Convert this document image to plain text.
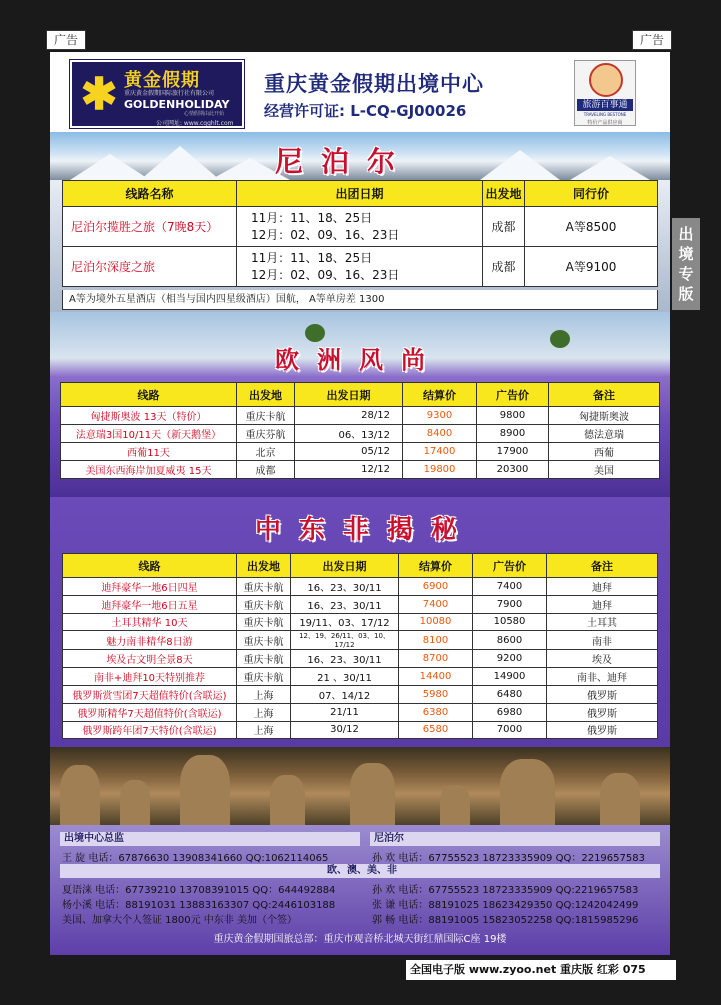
广告	广告
✱ 黄金假期
重庆黄金假期国际旅行社有限公司
GOLDENHOLIDAY
心情假期由此开始
公司网址: www.cqghlt.com
重庆黄金假期出境中心
经营许可证: L-CQ-GJ00026	旅游百事通
TRAVELING BESTONE
特价产品供应商
尼泊尔
线路名称	出团日期	出发地	同行价
尼泊尔揽胜之旅（7晚8天）	11月：11、18、25日
12月：02、09、16、23日	成都	A等8500
尼泊尔深度之旅	11月：11、18、25日
12月：02、09、16、23日	成都	A等9100
A等为境外五星酒店（相当与国内四星级酒店）国航， A等单房差 1300
欧洲风尚
线路	出发地	出发日期	结算价	广告价	备注
匈捷斯奥波 13天（特价）	重庆卡航	28/12	9300	9800	匈捷斯奥波
法意瑞3国10/11天（新天鹅堡）	重庆芬航	06、13/12	8400	8900	德法意瑞
西葡11天	北京	05/12	17400	17900	西葡
美国东西海岸加夏威夷 15天	成都	12/12	19800	20300	美国
中东非揭秘
线路	出发地	出发日期	结算价	广告价	备注
迪拜豪华一地6日四星	重庆卡航	16、23、30/11	6900	7400	迪拜
迪拜豪华一地6日五星	重庆卡航	16、23、30/11	7400	7900	迪拜
土耳其精华 10天	重庆卡航	19/11、03、17/12	10080	10580	土耳其
魅力南非精华8日游	重庆卡航	12、19、26/11、03、10、17/12	8100	8600	南非
埃及古文明全景8天	重庆卡航	16、23、30/11	8700	9200	埃及
南非+迪拜10天特别推荐	重庆卡航	21 、30/11	14400	14900	南非、迪拜
俄罗斯赏雪团7天超值特价(含联运)	上海	07、14/12	5980	6480	俄罗斯
俄罗斯精华7天超值特价(含联运)	上海	21/11	6380	6980	俄罗斯
俄罗斯跨年团7天特价(含联运)	上海	30/12	6580	7000	俄罗斯
出境中心总监	尼泊尔
王 旋 电话：67876630 13908341660 QQ:1062114065	孙 欢 电话：67755523 18723335909 QQ：2219657583
欧、澳、美、非
夏语涞 电话：67739210 13708391015 QQ：644492884
杨小溪 电话：88191031 13883163307 QQ:2446103188
美国、加拿大个人签证 1800元 中东非 美加（个签）
孙 欢 电话：67755523 18723335909 QQ:2219657583
张 谦 电话：88191025 18623429350 QQ:1242042499
郭 畅 电话：88191005 15823052258 QQ:1815985296
重庆黄金假期国旅总部：重庆市观音桥北城天街红鼎国际C座 19楼
出境专版
全国电子版 www.zyoo.net 重庆版 红彩 075
